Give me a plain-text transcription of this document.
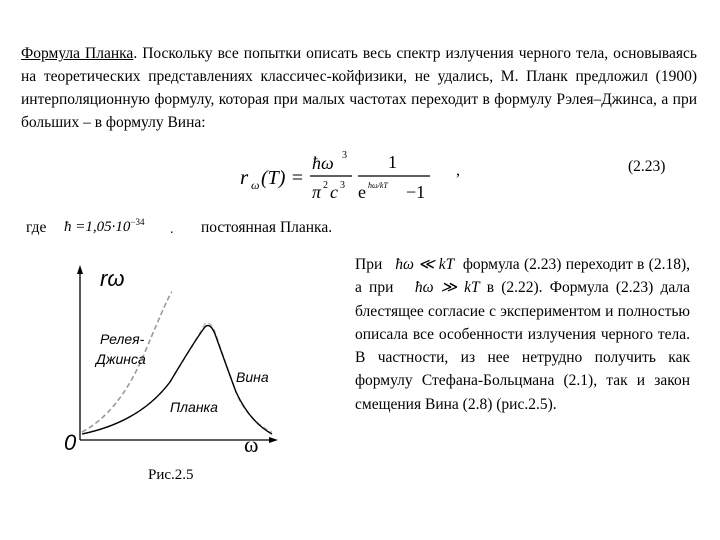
Формула Планка. Поскольку все попытки описать весь спектр излучения черного тела, основываясь на теоретических представлениях классичес-койфизики, не удались, М. Планк предложил (1900) интерполяционную формулу, которая при малых частотах переходит в формулу Рэлея–Джинса, а при больших – в формулу Вина:
r ω (T) =
ħω 3
π 2 c 3
1
e ħω/kT −1
,	(2.23)
где ħ $=1,05\cdot 10^{-34}$ . постоянная Планка.
При ħω ≪ kT формула (2.23) переходит в (2.18), а при ħω ≫ kT в (2.22). Формула (2.23) дала блестящее согласие с экспериментом и полностью описала все особенности излучения черного тела. В частности, из нее нетрудно получить как формулу Стефана-Больцмана (2.1), так и закон смещения Вина (2.8) (рис.2.5).
rω
0	ω
Релея-
Джинса
Планка
Вина
Рис.2.5
